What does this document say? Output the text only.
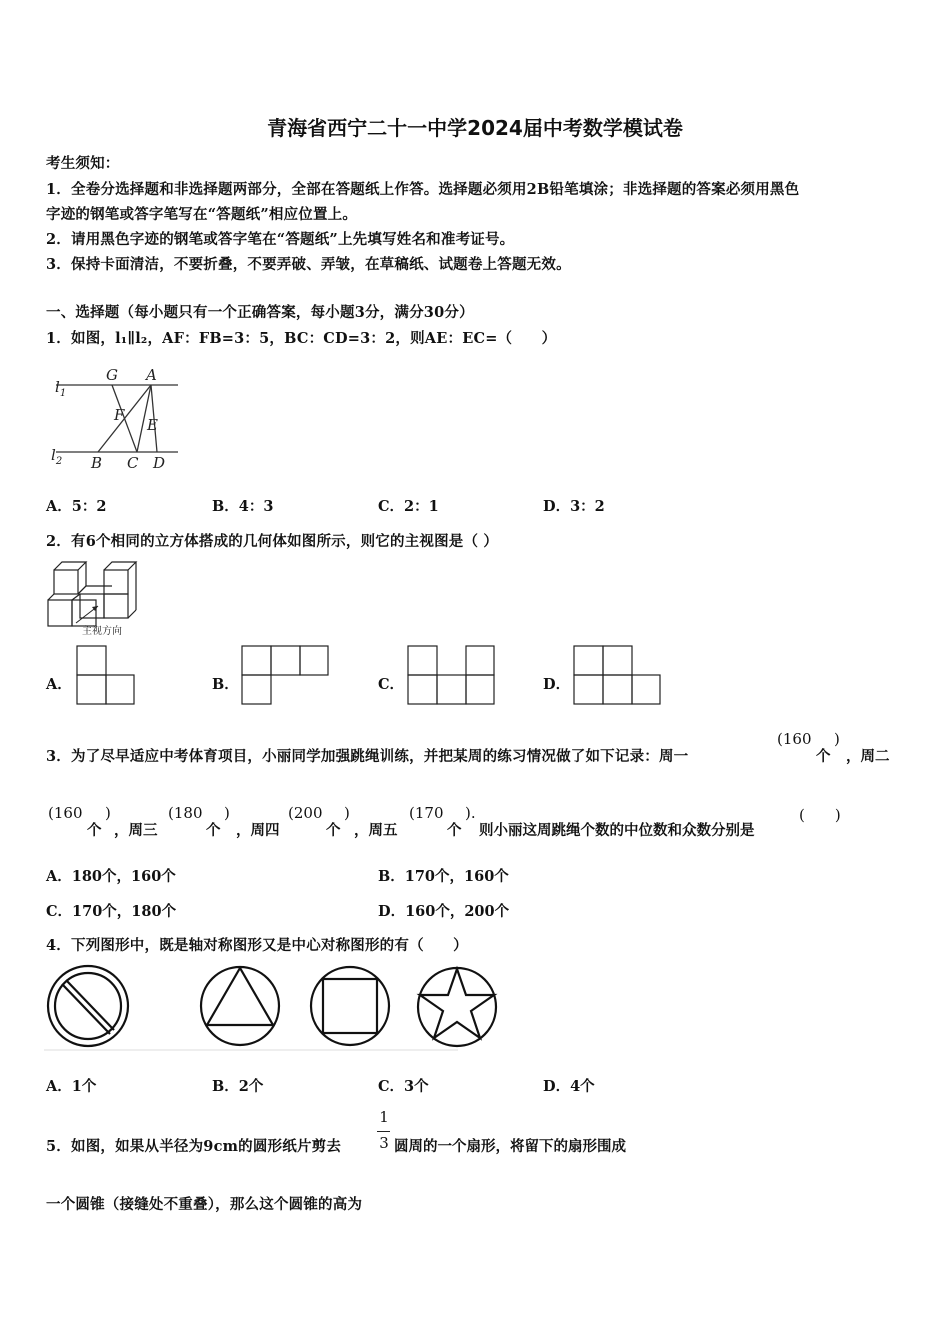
青海省西宁二十一中学2024届中考数学模试卷
考生须知：
1．全卷分选择题和非选择题两部分，全部在答题纸上作答。选择题必须用2B铅笔填涂；非选择题的答案必须用黑色
字迹的钢笔或答字笔写在“答题纸”相应位置上。
2．请用黑色字迹的钢笔或答字笔在“答题纸”上先填写姓名和准考证号。
3．保持卡面清洁，不要折叠，不要弄破、弄皱，在草稿纸、试题卷上答题无效。
一、选择题（每小题只有一个正确答案，每小题3分，满分30分）
1．如图，l₁∥l₂，AF：FB=3：5，BC：CD=3：2，则AE：EC=（　　）
$l_1$
$l_2$
G A
F
E
B C D
A．5：2	B．4：3	C．2：1	D．3：2
2．有6个相同的立方体搭成的几何体如图所示，则它的主视图是（ ）
主视方向
A．	B．	C．	D．
3．为了尽早适应中考体育项目，小丽同学加强跳绳训练，并把某周的练习情况做了如下记录：周一
(160
个
)
，周二
(160
个
)
，周三
(180
个
)
，周四
(200
个
)
，周五
(170
个
).
则小丽这周跳绳个数的中位数和众数分别是
(　　)
A．180个，160个	B．170个，160个
C．170个，180个	D．160个，200个
4．下列图形中，既是轴对称图形又是中心对称图形的有（　　）
A．1个	B．2个	C．3个	D．4个
5．如图，如果从半径为9cm的圆形纸片剪去
1
3 圆周的一个扇形，将留下的扇形围成
一个圆锥（接缝处不重叠），那么这个圆锥的高为
